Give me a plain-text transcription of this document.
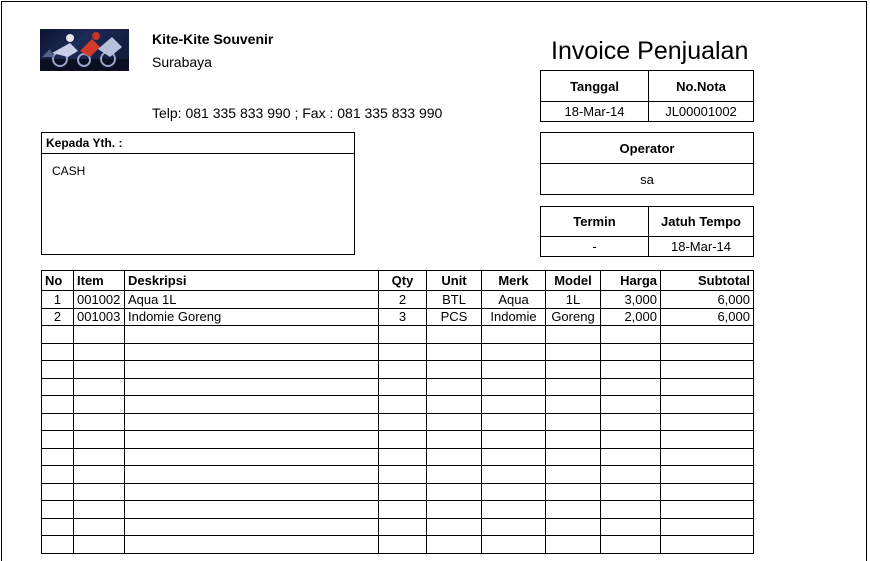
Kite-Kite Souvenir
Surabaya
Telp: 081 335 833 990 ; Fax : 081 335 833 990
Invoice Penjualan
Tanggal	No.Nota
18-Mar-14	JL00001002
Operator
sa
Termin	Jatuh Tempo
-	18-Mar-14
Kepada Yth. :
CASH
No	Item	Deskripsi	Qty	Unit	Merk	Model	Harga	Subtotal
1	001002	Aqua 1L	2	BTL	Aqua	1L	3,000	6,000
2	001003	Indomie Goreng	3	PCS	Indomie	Goreng	2,000	6,000
